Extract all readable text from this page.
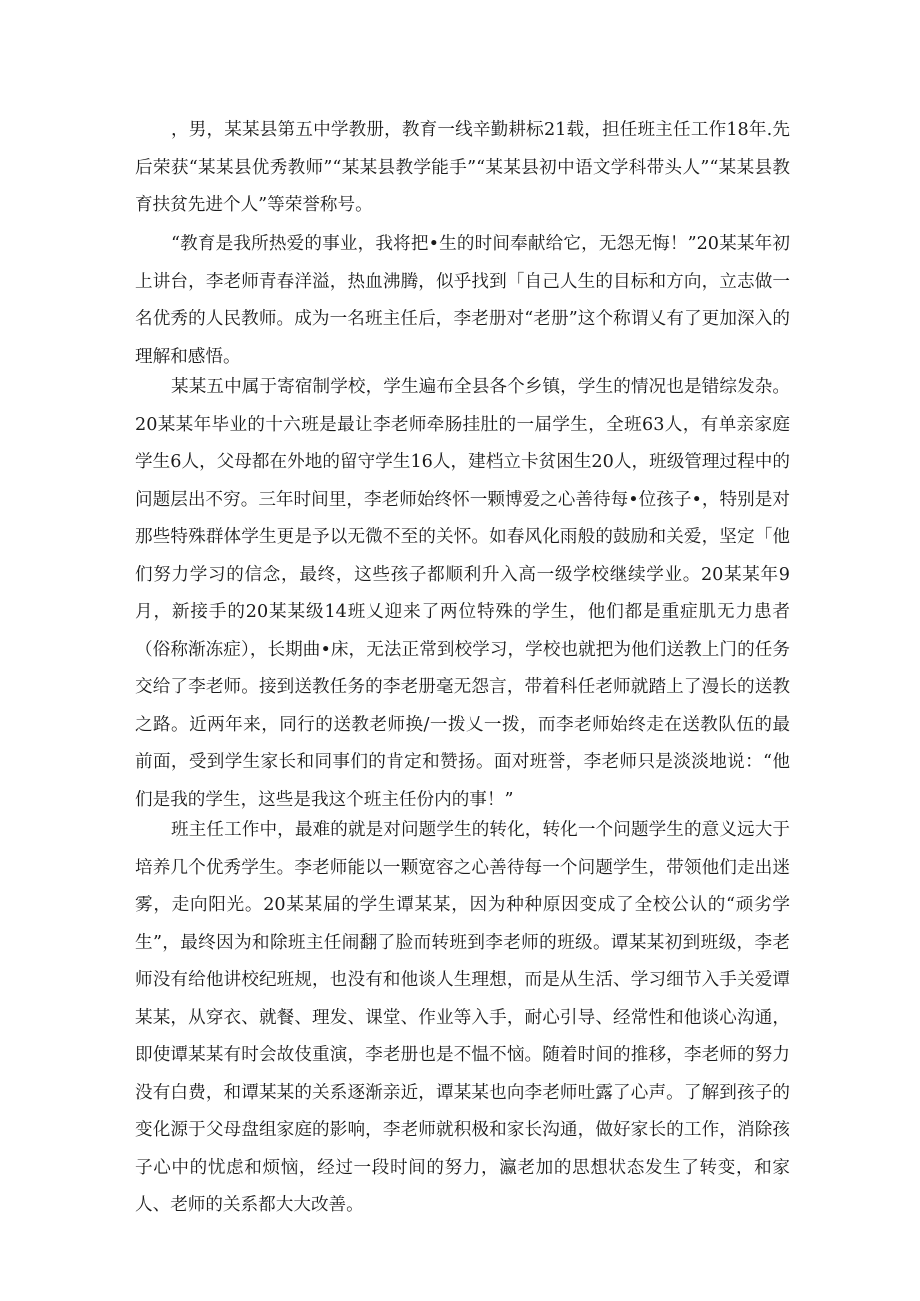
，男，某某县第五中学教册，教育一线辛勤耕标21载，担任班主任工作18年.先后荣获“某某县优秀教师”“某某县教学能手”“某某县初中语文学科带头人”“某某县教育扶贫先进个人”等荣誉称号。

“教育是我所热爱的事业，我将把•生的时间奉献给它，无怨无悔！”20某某年初上讲台，李老师青春洋溢，热血沸腾，似乎找到「自己人生的目标和方向，立志做一名优秀的人民教师。成为一名班主任后，李老册对“老册”这个称谓乂有了更加深入的理解和感悟。

某某五中属于寄宿制学校，学生遍布全县各个乡镇，学生的情况也是错综发杂。20某某年毕业的十六班是最让李老师牵肠挂肚的一届学生，全班63人，有单亲家庭学生6人，父母都在外地的留守学生16人，建档立卡贫困生20人，班级管理过程中的问题层出不穷。三年时间里，李老师始终怀一颗博爱之心善待每•位孩子•，特别是对那些特殊群体学生更是予以无微不至的关怀。如春风化雨般的鼓励和关爱，坚定「他们努力学习的信念，最终，这些孩子都顺利升入高一级学校继续学业。20某某年9月，新接手的20某某级14班乂迎来了两位特殊的学生，他们都是重症肌无力患者（俗称渐冻症），长期曲•床，无法正常到校学习，学校也就把为他们送教上门的任务交给了李老师。接到送教任务的李老册毫无怨言，带着科任老师就踏上了漫长的送教之路。近两年来，同行的送教老师换/一拨乂一拨，而李老师始终走在送教队伍的最前面，受到学生家长和同事们的肯定和赞扬。面对班誉，李老师只是淡淡地说：“他们是我的学生，这些是我这个班主任份内的事！”

班主任工作中，最难的就是对问题学生的转化，转化一个问题学生的意义远大于培养几个优秀学生。李老师能以一颗宽容之心善待每一个问题学生，带领他们走出迷雾，走向阳光。20某某届的学生谭某某，因为种种原因变成了全校公认的“顽劣学生”，最终因为和除班主任闹翻了脸而转班到李老师的班级。谭某某初到班级，李老师没有给他讲校纪班规，也没有和他谈人生理想，而是从生活、学习细节入手关爱谭某某，从穿衣、就餐、理发、课堂、作业等入手，耐心引导、经常性和他谈心沟通，即使谭某某有时会故伎重演，李老册也是不愠不恼。随着时间的推移，李老师的努力没有白费，和谭某某的关系逐渐亲近，谭某某也向李老师吐露了心声。了解到孩子的变化源于父母盘组家庭的影响，李老师就积极和家长沟通，做好家长的工作，消除孩子心中的忧虑和烦恼，经过一段时间的努力，瀛老加的思想状态发生了转变，和家人、老师的关系都大大改善。
